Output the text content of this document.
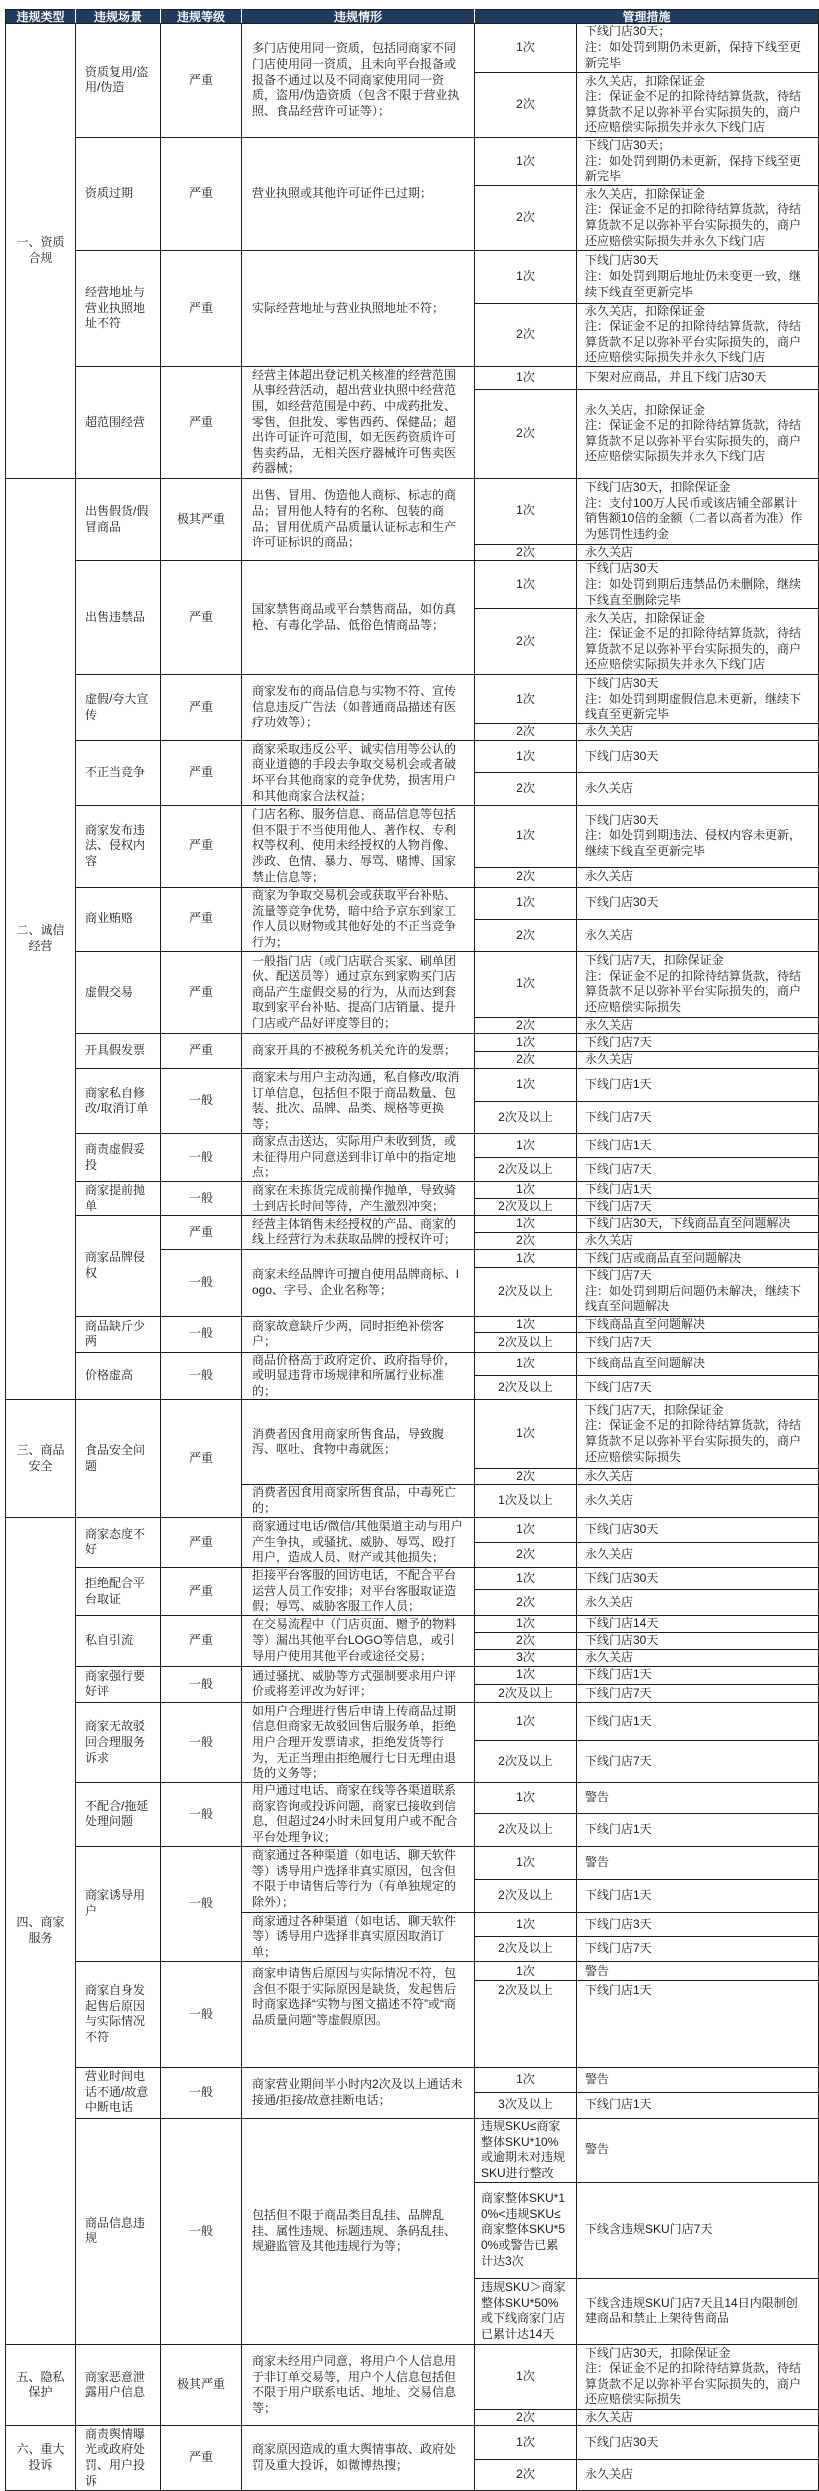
违规类型	违规场景	违规等级	违规情形	管理措施	
一、资质合规	资质复用/盗用/伪造	严重	多门店使用同一资质，包括同商家不同门店使用同一资质，且未向平台报备或报备不通过以及不同商家使用同一资质，盗用/伪造资质（包含不限于营业执照、食品经营许可证等）；	1次	下线门店30天；
注：如处罚到期仍未更新，保持下线至更新完毕

				2次	永久关店，扣除保证金
注：保证金不足的扣除待结算货款，待结算货款不足以弥补平台实际损失的，商户还应赔偿实际损失并永久下线门店

	资质过期	严重	营业执照或其他许可证件已过期；	1次	下线门店30天；
注：如处罚到期仍未更新，保持下线至更新完毕

				2次	永久关店，扣除保证金
注：保证金不足的扣除待结算货款，待结算货款不足以弥补平台实际损失的，商户还应赔偿实际损失并永久下线门店

	经营地址与营业执照地址不符	严重	实际经营地址与营业执照地址不符；	1次	下线门店30天
注：如处罚到期后地址仍未变更一致，继续下线直至更新完毕

				2次	永久关店，扣除保证金
注：保证金不足的扣除待结算货款，待结算货款不足以弥补平台实际损失的，商户还应赔偿实际损失并永久下线门店

	超范围经营	严重	经营主体超出登记机关核准的经营范围从事经营活动，超出营业执照中经营范围，如经营范围是中药、中成药批发、零售，但批发、零售西药、保健品；超出许可证许可范围，如无医药资质许可售卖药品，无相关医疗器械许可售卖医药器械；	1次	下架对应商品，并且下线门店30天

				2次	永久关店，扣除保证金
注：保证金不足的扣除待结算货款，待结算货款不足以弥补平台实际损失的，商户还应赔偿实际损失并永久下线门店

二、诚信经营	出售假货/假冒商品	极其严重	出售、冒用、伪造他人商标、标志的商品；冒用他人特有的名称、包装的商品；冒用优质产品质量认证标志和生产许可证标识的商品；	1次	下线门店30天，扣除保证金
注：支付100万人民币或该店铺全部累计销售额10倍的金额（二者以高者为准）作为惩罚性违约金

				2次	永久关店

	出售违禁品	严重	国家禁售商品或平台禁售商品，如仿真枪、有毒化学品、低俗色情商品等；	1次	下线门店30天
注：如处罚到期后违禁品仍未删除，继续下线直至删除完毕

				2次	永久关店，扣除保证金
注：保证金不足的扣除待结算货款，待结算货款不足以弥补平台实际损失的，商户还应赔偿实际损失并永久下线门店

	虚假/夸大宣传	严重	商家发布的商品信息与实物不符、宣传信息违反广告法（如普通商品描述有医疗功效等）；	1次	下线门店30天
注：如处罚到期虚假信息未更新，继续下线直至更新完毕

				2次	永久关店

	不正当竞争	严重	商家采取违反公平、诚实信用等公认的商业道德的手段去争取交易机会或者破坏平台其他商家的竞争优势，损害用户和其他商家合法权益；	1次	下线门店30天

				2次	永久关店

	商家发布违法、侵权内容	严重	门店名称、服务信息、商品信息等包括但不限于不当使用他人、著作权、专利权等权利、使用未经授权的人物肖像、涉政、色情、暴力、辱骂、赌博、国家禁止信息等；	1次	下线门店30天
注：如处罚到期违法、侵权内容未更新，继续下线直至更新完毕

				2次	永久关店

	商业贿赂	严重	商家为争取交易机会或获取平台补贴、流量等竞争优势，暗中给予京东到家工作人员以财物或其他好处的不正当竞争行为；	1次	下线门店30天

				2次	永久关店

	虚假交易	严重	一般指门店（或门店联合买家、刷单团伙、配送员等）通过京东到家购买门店商品产生虚假交易的行为，从而达到套取到家平台补贴、提高门店销量、提升门店或产品好评度等目的；	1次	下线门店7天，扣除保证金
注：保证金不足的扣除待结算货款，待结算货款不足以弥补平台实际损失的，商户还应赔偿实际损失

				2次	永久关店

	开具假发票	严重	商家开具的不被税务机关允许的发票；	1次	下线门店7天

				2次	永久关店

	商家私自修改/取消订单	一般	商家未与用户主动沟通，私自修改/取消订单信息，包括但不限于商品数量、包装、批次、品牌、品类、规格等更换等；	1次	下线门店1天

				2次及以上	下线门店7天

	商责虚假妥投	一般	商家点击送达，实际用户未收到货，或未征得用户同意送到非订单中的指定地点；	1次	下线门店1天

				2次及以上	下线门店7天

	商家提前抛单	一般	商家在未拣货完成前操作抛单，导致骑士到店长时间等待，产生激烈冲突；	1次	下线门店1天

				2次及以上	下线门店7天

	商家品牌侵权	严重	经营主体销售未经授权的产品、商家的线上经营行为未获取品牌的授权许可；	1次	下线门店30天，下线商品直至问题解决

				2次	永久关店

		一般	商家未经品牌许可擅自使用品牌商标、logo、字号、企业名称等；	1次	下线门店或商品直至问题解决

				2次及以上	下线门店7天
注：如处罚到期后问题仍未解决，继续下线直至问题解决

	商品缺斤少两	一般	商家故意缺斤少两，同时拒绝补偿客户；	1次	下线商品直至问题解决

				2次及以上	下线门店7天

	价格虚高	一般	商品价格高于政府定价、政府指导价，或明显违背市场规律和所属行业标准的；	1次	下线商品直至问题解决

				2次及以上	下线门店7天

三、商品安全	食品安全问题	严重	消费者因食用商家所售食品，导致腹泻、呕吐、食物中毒就医；	1次	下线门店7天，扣除保证金
注：保证金不足的扣除待结算货款，待结算货款不足以弥补平台实际损失的，商户还应赔偿实际损失

				2次	永久关店

			消费者因食用商家所售食品，中毒死亡的；	1次及以上	永久关店

四、商家服务	商家态度不好	严重	商家通过电话/微信/其他渠道主动与用户产生争执，或骚扰、威胁、辱骂、殴打用户，造成人员、财产或其他损失；	1次	下线门店30天

				2次	永久关店

	拒绝配合平台取证	严重	拒接平台客服的回访电话，不配合平台运营人员工作安排；对平台客服取证造假；辱骂、威胁客服工作人员；	1次	下线门店30天

				2次	永久关店

	私自引流	严重	在交易流程中（门店页面、赠予的物料等）漏出其他平台LOGO等信息，或引导用户使用其他平台或途径交易；	1次	下线门店14天

				2次	下线门店30天

				3次	永久关店

	商家强行要好评	一般	通过骚扰、威胁等方式强制要求用户评价或将差评改为好评；	1次	下线门店1天

				2次及以上	下线门店7天

	商家无故驳回合理服务诉求	一般	如用户合理进行售后申请上传商品过期信息但商家无故驳回售后服务单，拒绝用户合理开发票请求，拒绝发货等行为，无正当理由拒绝履行七日无理由退货的义务等；	1次	下线门店1天

				2次及以上	下线门店7天

	不配合/拖延处理问题	一般	用户通过电话、商家在线等各渠道联系商家咨询或投诉问题，商家已接收到信息，但超过24小时未回复用户或不配合平台处理争议；	1次	警告

				2次及以上	下线门店1天

	商家诱导用户	一般	商家通过各种渠道（如电话、聊天软件等）诱导用户选择非真实原因，包含但不限于申请售后等行为（有单独规定的除外）；	1次	警告

				2次及以上	下线门店1天

			商家通过各种渠道（如电话、聊天软件等）诱导用户选择非真实原因取消订单；	1次	下线门店3天

				2次及以上	下线门店7天

	商家自身发起售后原因与实际情况不符	一般	商家申请售后原因与实际情况不符，包含但不限于实际原因是缺货，发起售后时商家选择“实物与图文描述不符”或“商品质量问题”等虚假原因。	1次	警告

				2次及以上	下线门店1天

	营业时间电话不通/故意中断电话	一般	商家营业期间半小时内2次及以上通话未接通/拒接/故意挂断电话；	1次	警告

				3次及以上	下线门店1天

	商品信息违规	一般	包括但不限于商品类目乱挂、品牌乱挂、属性违规、标题违规、条码乱挂、规避监管及其他违规行为等；	违规SKU≤商家整体SKU*10%或逾期未对违规SKU进行整改	警告

				商家整体SKU*10%<违规SKU≤商家整体SKU*50%或警告已累计达3次	下线含违规SKU门店7天

				违规SKU＞商家整体SKU*50%或下线商家门店已累计达14天	下线含违规SKU门店7天且14日内限制创建商品和禁止上架待售商品

五、隐私保护	商家恶意泄露用户信息	极其严重	商家未经用户同意，将用户个人信息用于非订单交易等，用户个人信息包括但不限于用户联系电话、地址、交易信息等；	1次	下线门店30天，扣除保证金
注：保证金不足的扣除待结算货款，待结算货款不足以弥补平台实际损失的，商户还应赔偿实际损失

				2次	永久关店

六、重大投诉	商责舆情曝光或政府处罚、用户投诉	严重	商家原因造成的重大舆情事故、政府处罚及重大投诉，如微博热搜；	1次	下线门店30天

				2次	永久关店
